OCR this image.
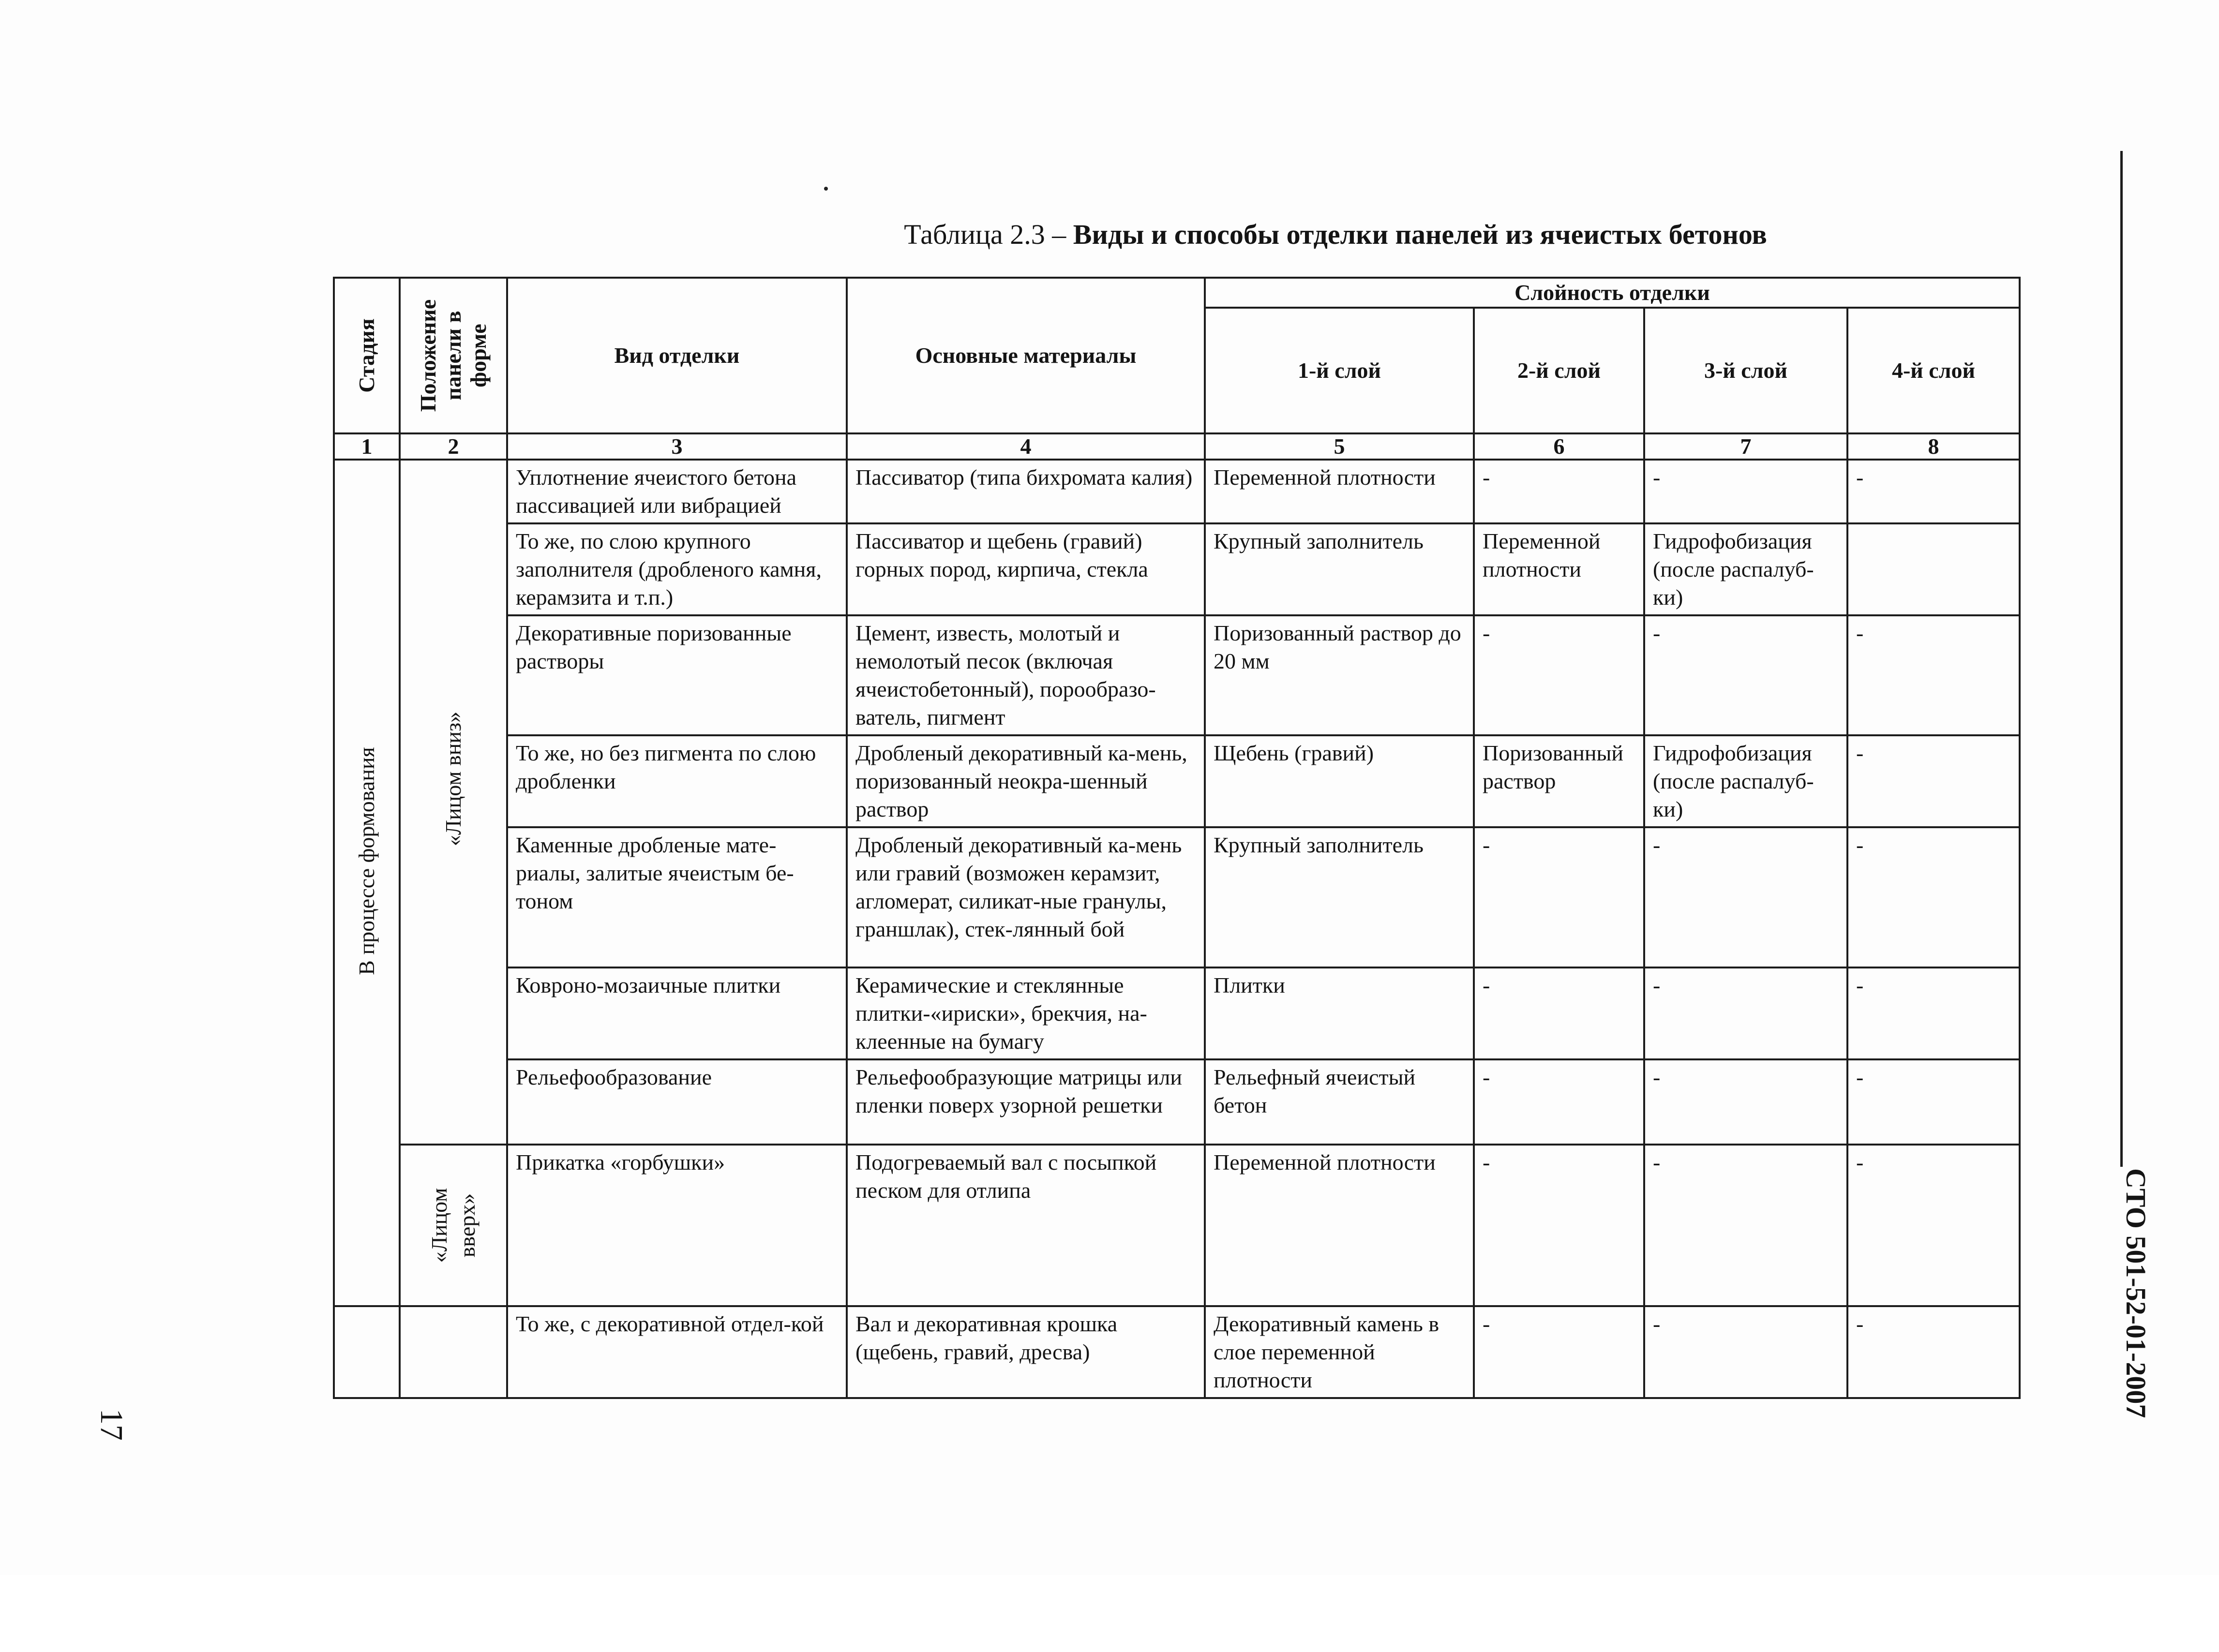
Таблица 2.3 – Виды и способы отделки панелей из ячеистых бетонов
Стадия	Положение панели в форме	Вид отделки	Основные материалы	Слойность отделки			
				1-й слой	2-й слой	3-й слой	4-й слой
1	2	3	4	5	6	7	8

В процессе формования	«Лицом вниз»	Уплотнение ячеистого бетона пассивацией или вибрацией	Пассиватор (типа бихромата калия)	Переменной плотности	-	-	-
		То же, по слою крупного заполнителя (дробленого камня, керамзита и т.п.)	Пассиватор и щебень (гравий) горных пород, кирпича, стекла	Крупный заполнитель	Переменной плотности	Гидрофобизация (после распалуб-ки)	
		Декоративные поризованные растворы	Цемент, известь, молотый и немолотый песок (включая ячеистобетонный), порообразо-ватель, пигмент	Поризованный раствор до 20 мм	-	-	-
		То же, но без пигмента по слою дробленки	Дробленый декоративный ка-мень, поризованный неокра-шенный раствор	Щебень (гравий)	Поризованный раствор	Гидрофобизация (после распалуб-ки)	-
		Каменные дробленые мате-риалы, залитые ячеистым бе-тоном	Дробленый декоративный ка-мень или гравий (возможен керамзит, агломерат, силикат-ные гранулы, граншлак), стек-лянный бой	Крупный заполнитель	-	-	-
		Ковроно-мозаичные плитки	Керамические и стеклянные плитки-«ириски», брекчия, на-клеенные на бумагу	Плитки	-	-	-
		Рельефообразование	Рельефообразующие матрицы или пленки поверх узорной решетки	Рельефный ячеистый бетон	-	-	-

	«Лицом вверх»	Прикатка «горбушки»	Подогреваемый вал с посыпкой песком для отлипа	Переменной плотности	-	-	-
		То же, с декоративной отдел-кой	Вал и декоративная крошка (щебень, гравий, дресва)	Декоративный камень в слое переменной плотности	-	-	-	СТО 501-52-01-2007
17
